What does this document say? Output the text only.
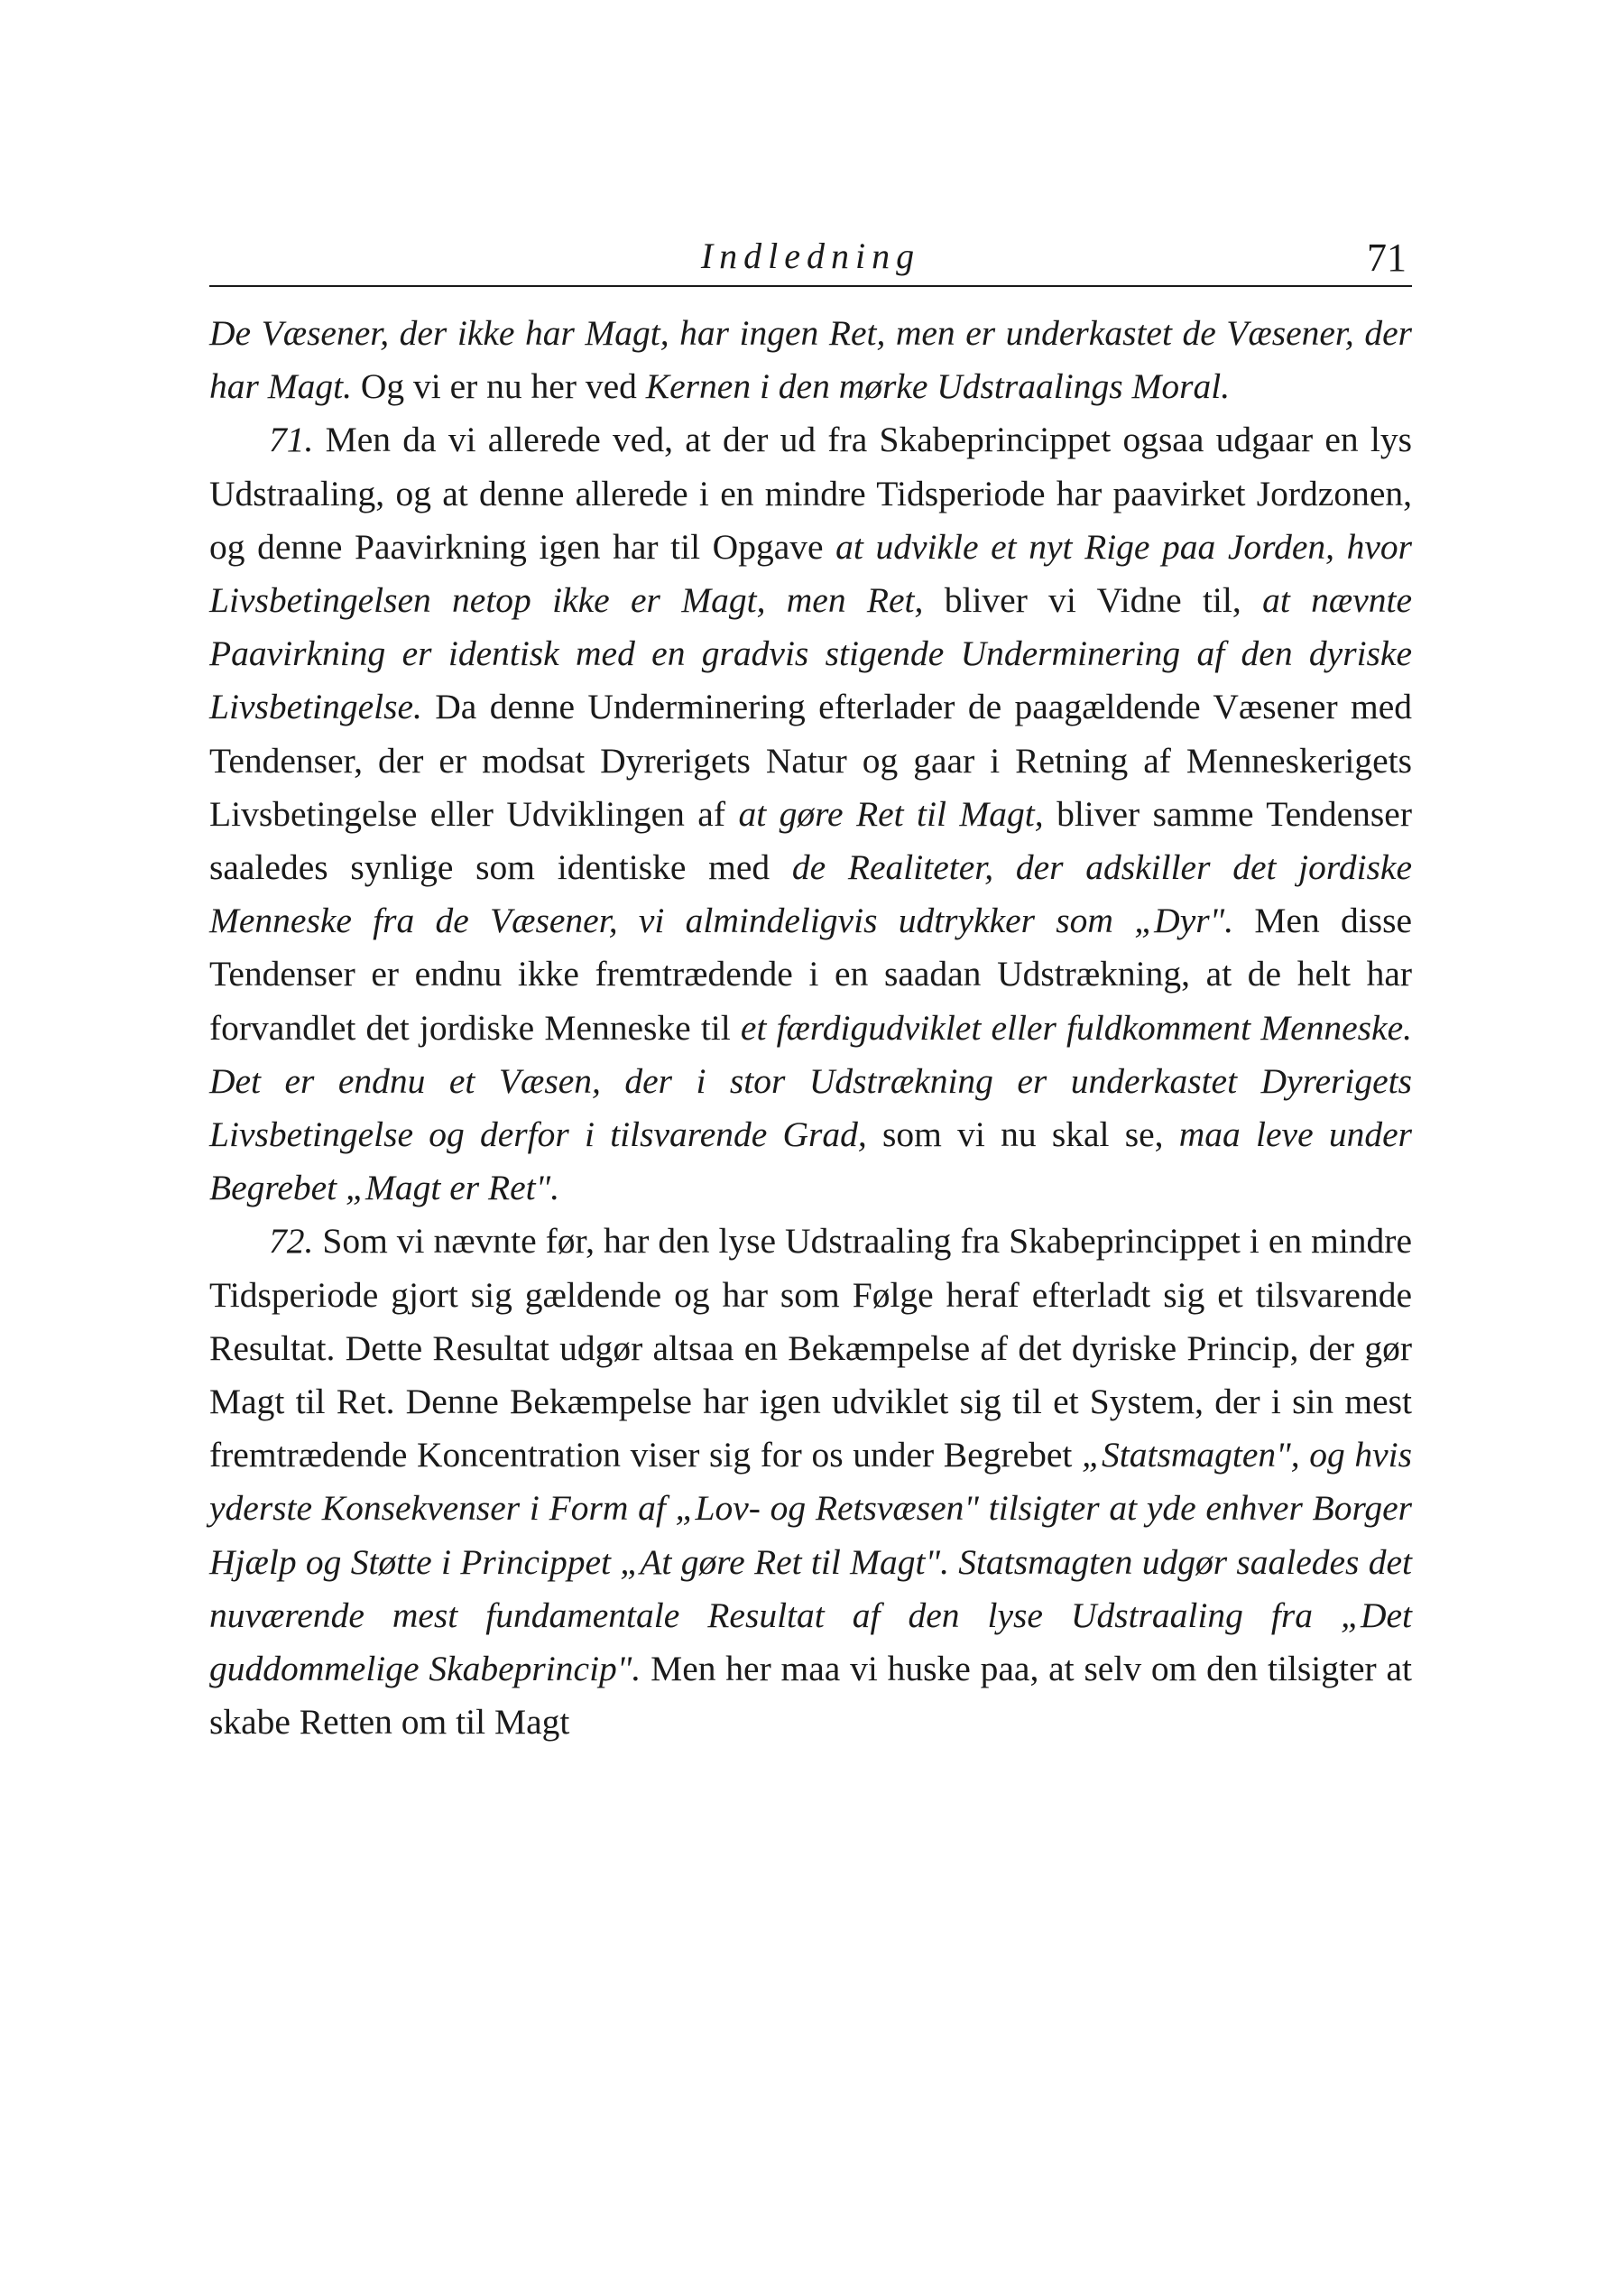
Indledning	71

De Væsener, der ikke har Magt, har ingen Ret, men er underkastet de Væsener, der har Magt. Og vi er nu her ved Kernen i den mørke Udstraalings Moral.

71. Men da vi allerede ved, at der ud fra Skabeprincippet ogsaa udgaar en lys Udstraaling, og at denne allerede i en mindre Tidsperiode har paavirket Jordzonen, og denne Paavirkning igen har til Opgave at udvikle et nyt Rige paa Jorden, hvor Livsbetingelsen netop ikke er Magt, men Ret, bliver vi Vidne til, at nævnte Paavirkning er identisk med en gradvis stigende Underminering af den dyriske Livsbetingelse. Da denne Underminering efterlader de paagældende Væsener med Tendenser, der er modsat Dyrerigets Natur og gaar i Retning af Menneskerigets Livsbetingelse eller Udviklingen af at gøre Ret til Magt, bliver samme Tendenser saaledes synlige som identiske med de Realiteter, der adskiller det jordiske Menneske fra de Væsener, vi almindeligvis udtrykker som „Dyr". Men disse Tendenser er endnu ikke fremtrædende i en saadan Udstrækning, at de helt har forvandlet det jordiske Menneske til et færdigudviklet eller fuldkomment Menneske. Det er endnu et Væsen, der i stor Udstrækning er underkastet Dyrerigets Livsbetingelse og derfor i tilsvarende Grad, som vi nu skal se, maa leve under Begrebet „Magt er Ret".

72. Som vi nævnte før, har den lyse Udstraaling fra Skabeprincippet i en mindre Tidsperiode gjort sig gældende og har som Følge heraf efterladt sig et tilsvarende Resultat. Dette Resultat udgør altsaa en Bekæmpelse af det dyriske Princip, der gør Magt til Ret. Denne Bekæmpelse har igen udviklet sig til et System, der i sin mest fremtrædende Koncentration viser sig for os under Begrebet „Statsmagten", og hvis yderste Konsekvenser i Form af „Lov- og Retsvæsen" tilsigter at yde enhver Borger Hjælp og Støtte i Princippet „At gøre Ret til Magt". Statsmagten udgør saaledes det nuværende mest fundamentale Resultat af den lyse Udstraaling fra „Det guddommelige Skabeprincip". Men her maa vi huske paa, at selv om den tilsigter at skabe Retten om til Magt
